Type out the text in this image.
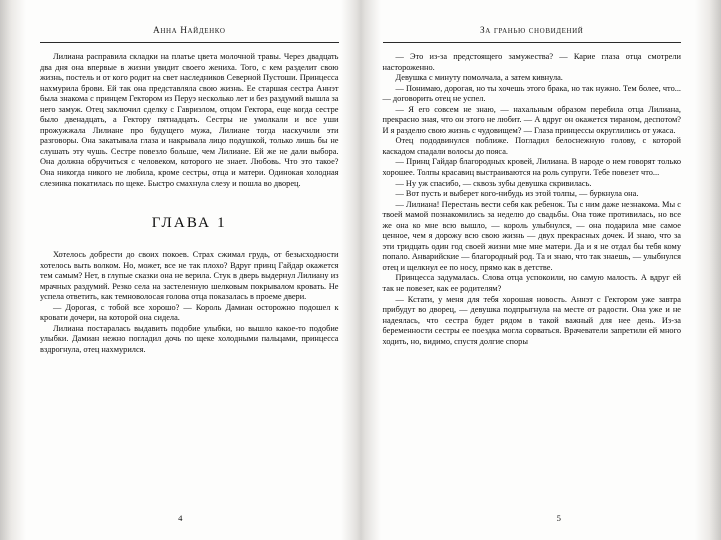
Анна Найденко

Лилиана расправила складки на платье цвета молочной травы. Через двадцать два дня она впервые в жизни увидит своего жениха. Того, с кем разделит свою жизнь, постель и от кого родит на свет наследников Северной Пустоши. Принцесса нахмурила брови. Ей так она представляла свою жизнь. Ее старшая сестра Аннэт была знакома с принцем Гектором из Перуэ несколько лет и без раздумий вышла за него замуж. Отец заключил сделку с Гавриэлом, отцом Гектора, еще когда сестре было двенадцать, а Гектору пятнадцать. Сестры не умолкали и все уши прожужжала Лилиане про будущего мужа, Лилиане тогда наскучили эти разговоры. Она закатывала глаза и накрывала лицо подушкой, только лишь бы не слушать эту чушь. Сестре повезло больше, чем Лилиане. Ей же не дали выбора. Она должна обручиться с человеком, которого не знает. Любовь. Что это такое? Она никогда никого не любила, кроме сестры, отца и матери. Одинокая холодная слезинка покатилась по щеке. Быстро смахнула слезу и пошла во дворец.

ГЛАВА 1

Хотелось добрести до своих покоев. Страх сжимал грудь, от безысходности хотелось выть волком. Но, может, все не так плохо? Вдруг принц Гайдар окажется тем самым? Нет, в глупые сказки она не верила. Стук в дверь выдернул Лилиану из мрачных раздумий. Резко села на застеленную шелковым покрывалом кровать. Не успела ответить, как темноволосая голова отца показалась в проеме двери.

— Дорогая, с тобой все хорошо? — Король Дамиан осторожно подошел к кровати дочери, на которой она сидела.

Лилиана постаралась выдавить подобие улыбки, но вышло какое-то подобие улыбки. Дамиан нежно погладил дочь по щеке холодными пальцами, принцесса вздрогнула, отец нахмурился.

4
За гранью сновидений

— Это из-за предстоящего замужества? — Карие глаза отца смотрели настороженно.

Девушка с минуту помолчала, а затем кивнула.

— Понимаю, дорогая, но ты хочешь этого брака, но так нужно. Тем более, что... — договорить отец не успел.

— Я его совсем не знаю, — нахальным образом перебила отца Лилиана, прекрасно зная, что он этого не любит. — А вдруг он окажется тираном, деспотом? И я разделю свою жизнь с чудовищем? — Глаза принцессы округлились от ужаса.

Отец пододвинулся поближе. Погладил белоснежную голову, с которой каскадом спадали волосы до пояса.

— Принц Гайдар благородных кровей, Лилиана. В народе о нем говорят только хорошее. Толпы красавиц выстраиваются на роль супруги. Тебе повезет что...

— Ну уж спасибо, — сквозь зубы девушка скривилась.

— Вот пусть и выберет кого-нибудь из этой толпы, — буркнула она.

— Лилиана! Перестань вести себя как ребенок. Ты с ним даже незнакома. Мы с твоей мамой познакомились за неделю до свадьбы. Она тоже противилась, но все же она ко мне всю вышло, — король улыбнулся, — она подарила мне самое ценное, чем я дорожу всю свою жизнь — двух прекрасных дочек. И знаю, что за эти тридцать один год своей жизни мне мне матери. Да и я не отдал бы тебя кому попало. Анварийские — благородный род. Та и знаю, что так знаешь, — улыбнулся отец и щелкнул ее по носу, прямо как в детстве.

Принцесса задумалась. Слова отца успокоили, но самую малость. А вдруг ей так не повезет, как ее родителям?

— Кстати, у меня для тебя хорошая новость. Аннэт с Гектором уже завтра прибудут во дворец, — девушка подпрыгнула на месте от радости. Она уже и не надеялась, что сестра будет рядом в такой важный для нее день. Из-за беременности сестры ее поездка могла сорваться. Врачеватели запретили ей много ходить, но, видимо, спустя долгие споры

5
